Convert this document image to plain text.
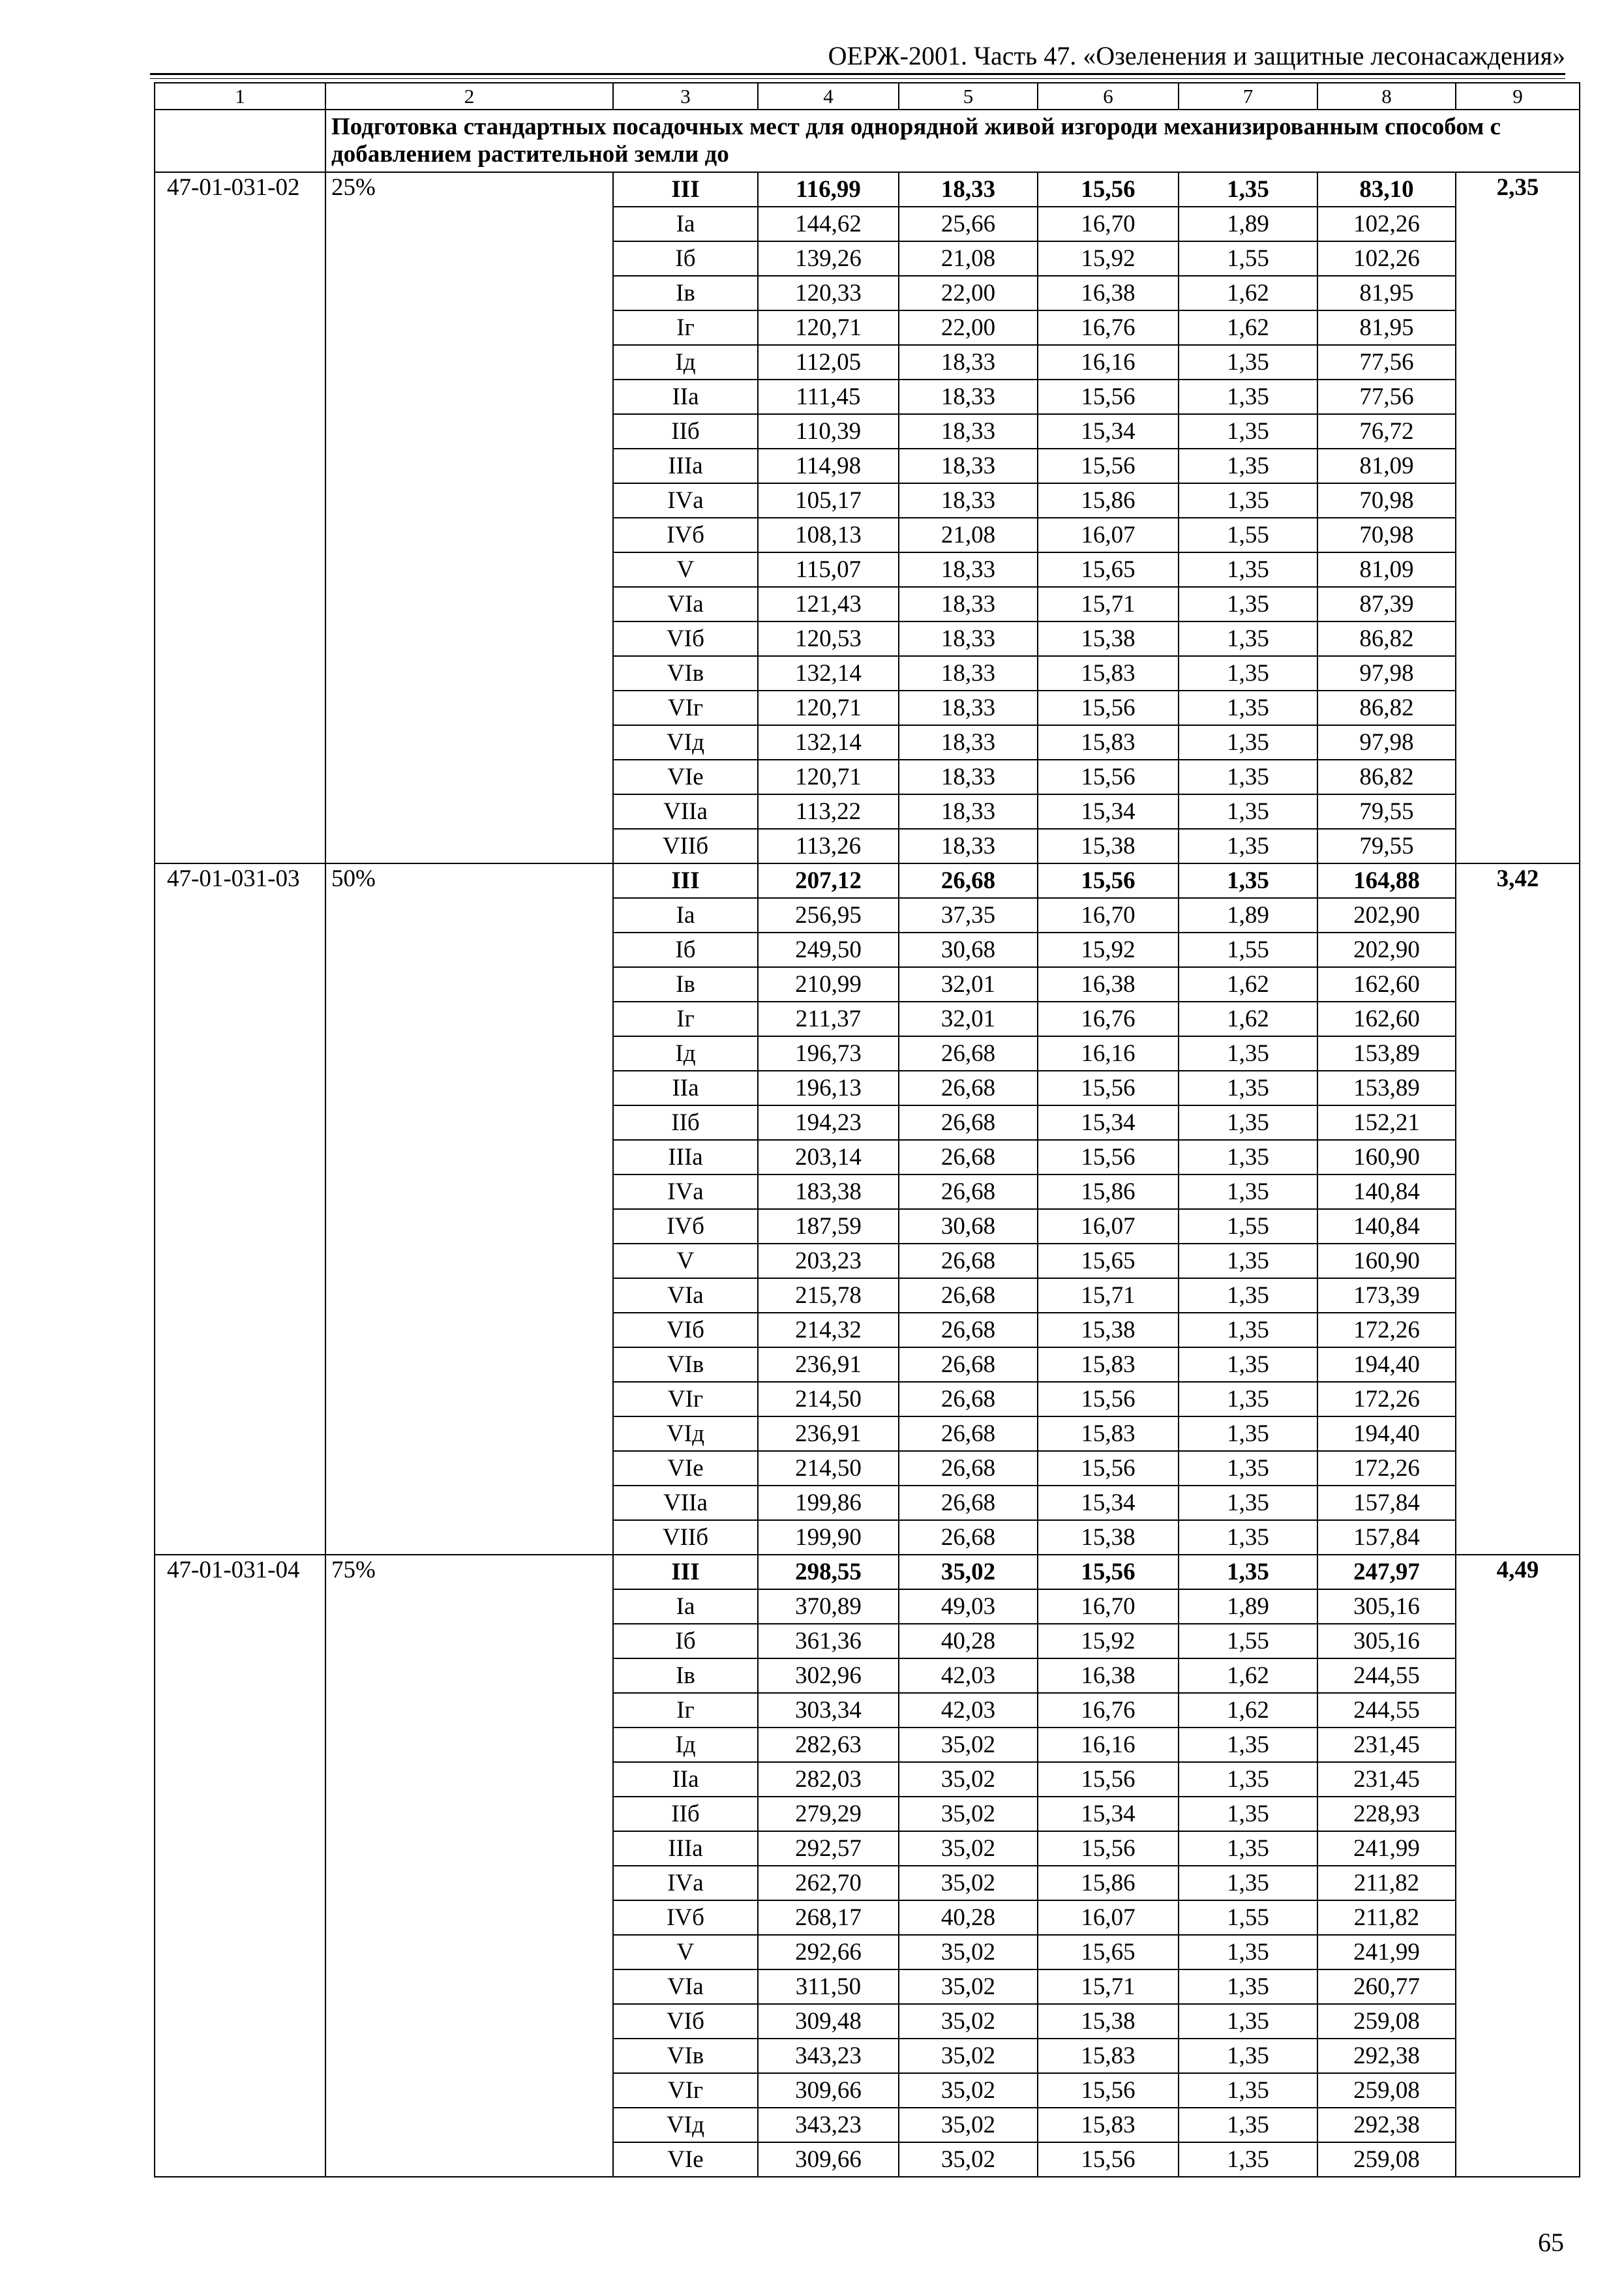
ОЕРЖ-2001. Часть 47. «Озеленения и защитные лесонасаждения»
1	2	3	4	5	6	7	8	9
	Подготовка стандартных посадочных мест для однорядной живой изгороди механизированным способом с добавлением растительной земли до							
47-01-031-02	25%	III	116,99	18,33	15,56	1,35	83,10	2,35
		Iа	144,62	25,66	16,70	1,89	102,26	
		Iб	139,26	21,08	15,92	1,55	102,26	
		Iв	120,33	22,00	16,38	1,62	81,95	
		Iг	120,71	22,00	16,76	1,62	81,95	
		Iд	112,05	18,33	16,16	1,35	77,56	
		IIа	111,45	18,33	15,56	1,35	77,56	
		IIб	110,39	18,33	15,34	1,35	76,72	
		IIIа	114,98	18,33	15,56	1,35	81,09	
		IVа	105,17	18,33	15,86	1,35	70,98	
		IVб	108,13	21,08	16,07	1,55	70,98	
		V	115,07	18,33	15,65	1,35	81,09	
		VIа	121,43	18,33	15,71	1,35	87,39	
		VIб	120,53	18,33	15,38	1,35	86,82	
		VIв	132,14	18,33	15,83	1,35	97,98	
		VIг	120,71	18,33	15,56	1,35	86,82	
		VIд	132,14	18,33	15,83	1,35	97,98	
		VIе	120,71	18,33	15,56	1,35	86,82	
		VIIа	113,22	18,33	15,34	1,35	79,55	
		VIIб	113,26	18,33	15,38	1,35	79,55	
47-01-031-03	50%	III	207,12	26,68	15,56	1,35	164,88	3,42
		Iа	256,95	37,35	16,70	1,89	202,90	
		Iб	249,50	30,68	15,92	1,55	202,90	
		Iв	210,99	32,01	16,38	1,62	162,60	
		Iг	211,37	32,01	16,76	1,62	162,60	
		Iд	196,73	26,68	16,16	1,35	153,89	
		IIа	196,13	26,68	15,56	1,35	153,89	
		IIб	194,23	26,68	15,34	1,35	152,21	
		IIIа	203,14	26,68	15,56	1,35	160,90	
		IVа	183,38	26,68	15,86	1,35	140,84	
		IVб	187,59	30,68	16,07	1,55	140,84	
		V	203,23	26,68	15,65	1,35	160,90	
		VIа	215,78	26,68	15,71	1,35	173,39	
		VIб	214,32	26,68	15,38	1,35	172,26	
		VIв	236,91	26,68	15,83	1,35	194,40	
		VIг	214,50	26,68	15,56	1,35	172,26	
		VIд	236,91	26,68	15,83	1,35	194,40	
		VIе	214,50	26,68	15,56	1,35	172,26	
		VIIа	199,86	26,68	15,34	1,35	157,84	
		VIIб	199,90	26,68	15,38	1,35	157,84	
47-01-031-04	75%	III	298,55	35,02	15,56	1,35	247,97	4,49
		Iа	370,89	49,03	16,70	1,89	305,16	
		Iб	361,36	40,28	15,92	1,55	305,16	
		Iв	302,96	42,03	16,38	1,62	244,55	
		Iг	303,34	42,03	16,76	1,62	244,55	
		Iд	282,63	35,02	16,16	1,35	231,45	
		IIа	282,03	35,02	15,56	1,35	231,45	
		IIб	279,29	35,02	15,34	1,35	228,93	
		IIIа	292,57	35,02	15,56	1,35	241,99	
		IVа	262,70	35,02	15,86	1,35	211,82	
		IVб	268,17	40,28	16,07	1,55	211,82	
		V	292,66	35,02	15,65	1,35	241,99	
		VIа	311,50	35,02	15,71	1,35	260,77	
		VIб	309,48	35,02	15,38	1,35	259,08	
		VIв	343,23	35,02	15,83	1,35	292,38	
		VIг	309,66	35,02	15,56	1,35	259,08	
		VIд	343,23	35,02	15,83	1,35	292,38	
		VIе	309,66	35,02	15,56	1,35	259,08	
65
